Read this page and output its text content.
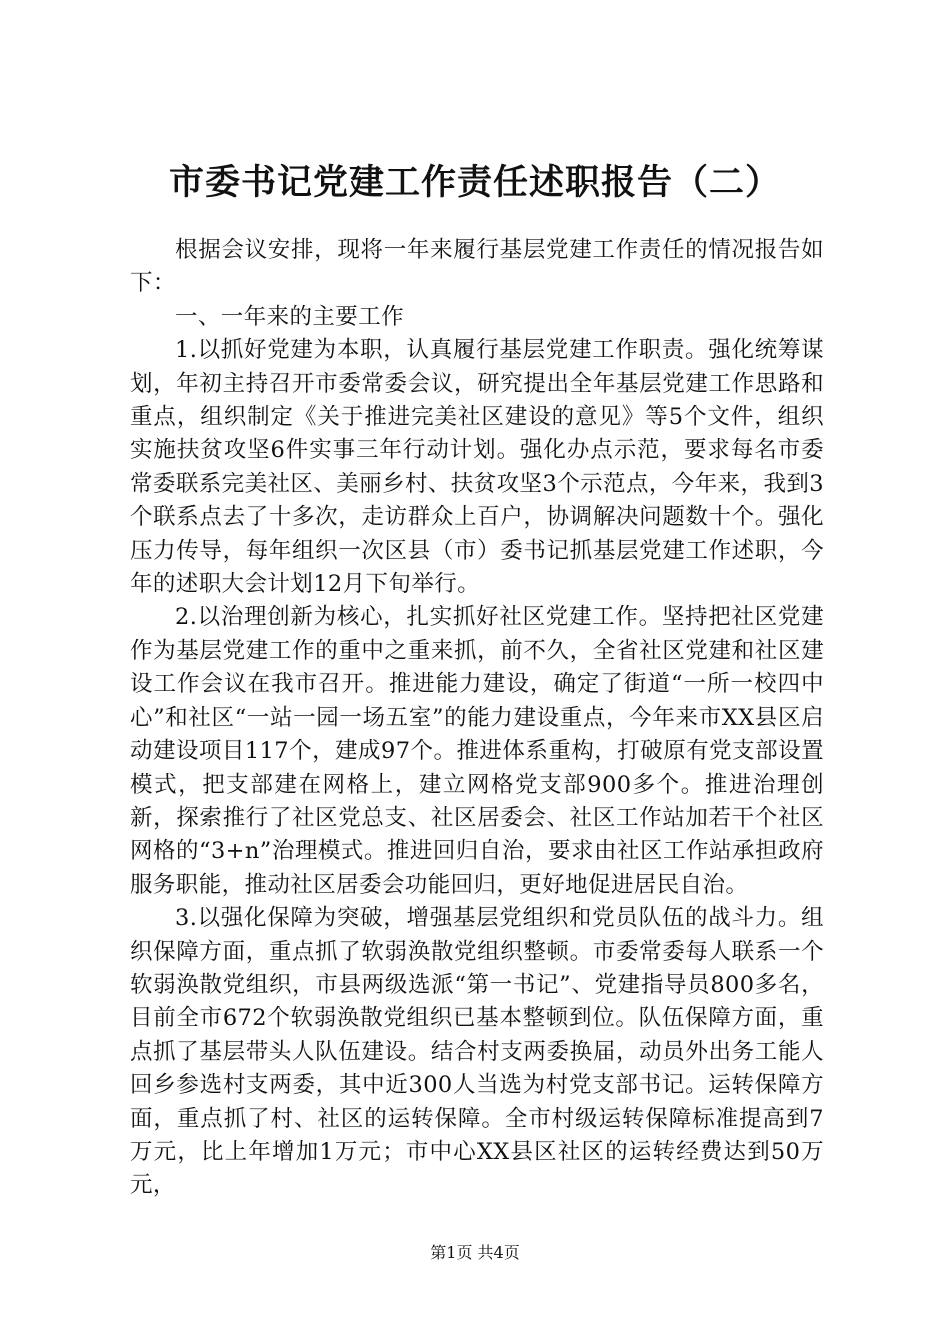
市委书记党建工作责任述职报告（二）

根据会议安排，现将一年来履行基层党建工作责任的情况报告如下：

一、一年来的主要工作

1.以抓好党建为本职，认真履行基层党建工作职责。强化统筹谋划，年初主持召开市委常委会议，研究提出全年基层党建工作思路和重点，组织制定《关于推进完美社区建设的意见》等5个文件，组织实施扶贫攻坚6件实事三年行动计划。强化办点示范，要求每名市委常委联系完美社区、美丽乡村、扶贫攻坚3个示范点，今年来，我到3个联系点去了十多次，走访群众上百户，协调解决问题数十个。强化压力传导，每年组织一次区县（市）委书记抓基层党建工作述职，今年的述职大会计划12月下旬举行。

2.以治理创新为核心，扎实抓好社区党建工作。坚持把社区党建作为基层党建工作的重中之重来抓，前不久，全省社区党建和社区建设工作会议在我市召开。推进能力建设，确定了街道“一所一校四中心”和社区“一站一园一场五室”的能力建设重点，今年来市XX县区启动建设项目117个，建成97个。推进体系重构，打破原有党支部设置模式，把支部建在网格上，建立网格党支部900多个。推进治理创新，探索推行了社区党总支、社区居委会、社区工作站加若干个社区网格的“3+n”治理模式。推进回归自治，要求由社区工作站承担政府服务职能，推动社区居委会功能回归，更好地促进居民自治。

3.以强化保障为突破，增强基层党组织和党员队伍的战斗力。组织保障方面，重点抓了软弱涣散党组织整顿。市委常委每人联系一个软弱涣散党组织，市县两级选派“第一书记”、党建指导员800多名，目前全市672个软弱涣散党组织已基本整顿到位。队伍保障方面，重点抓了基层带头人队伍建设。结合村支两委换届，动员外出务工能人回乡参选村支两委，其中近300人当选为村党支部书记。运转保障方面，重点抓了村、社区的运转保障。全市村级运转保障标准提高到7万元，比上年增加1万元；市中心XX县区社区的运转经费达到50万元，

第1页 共4页
